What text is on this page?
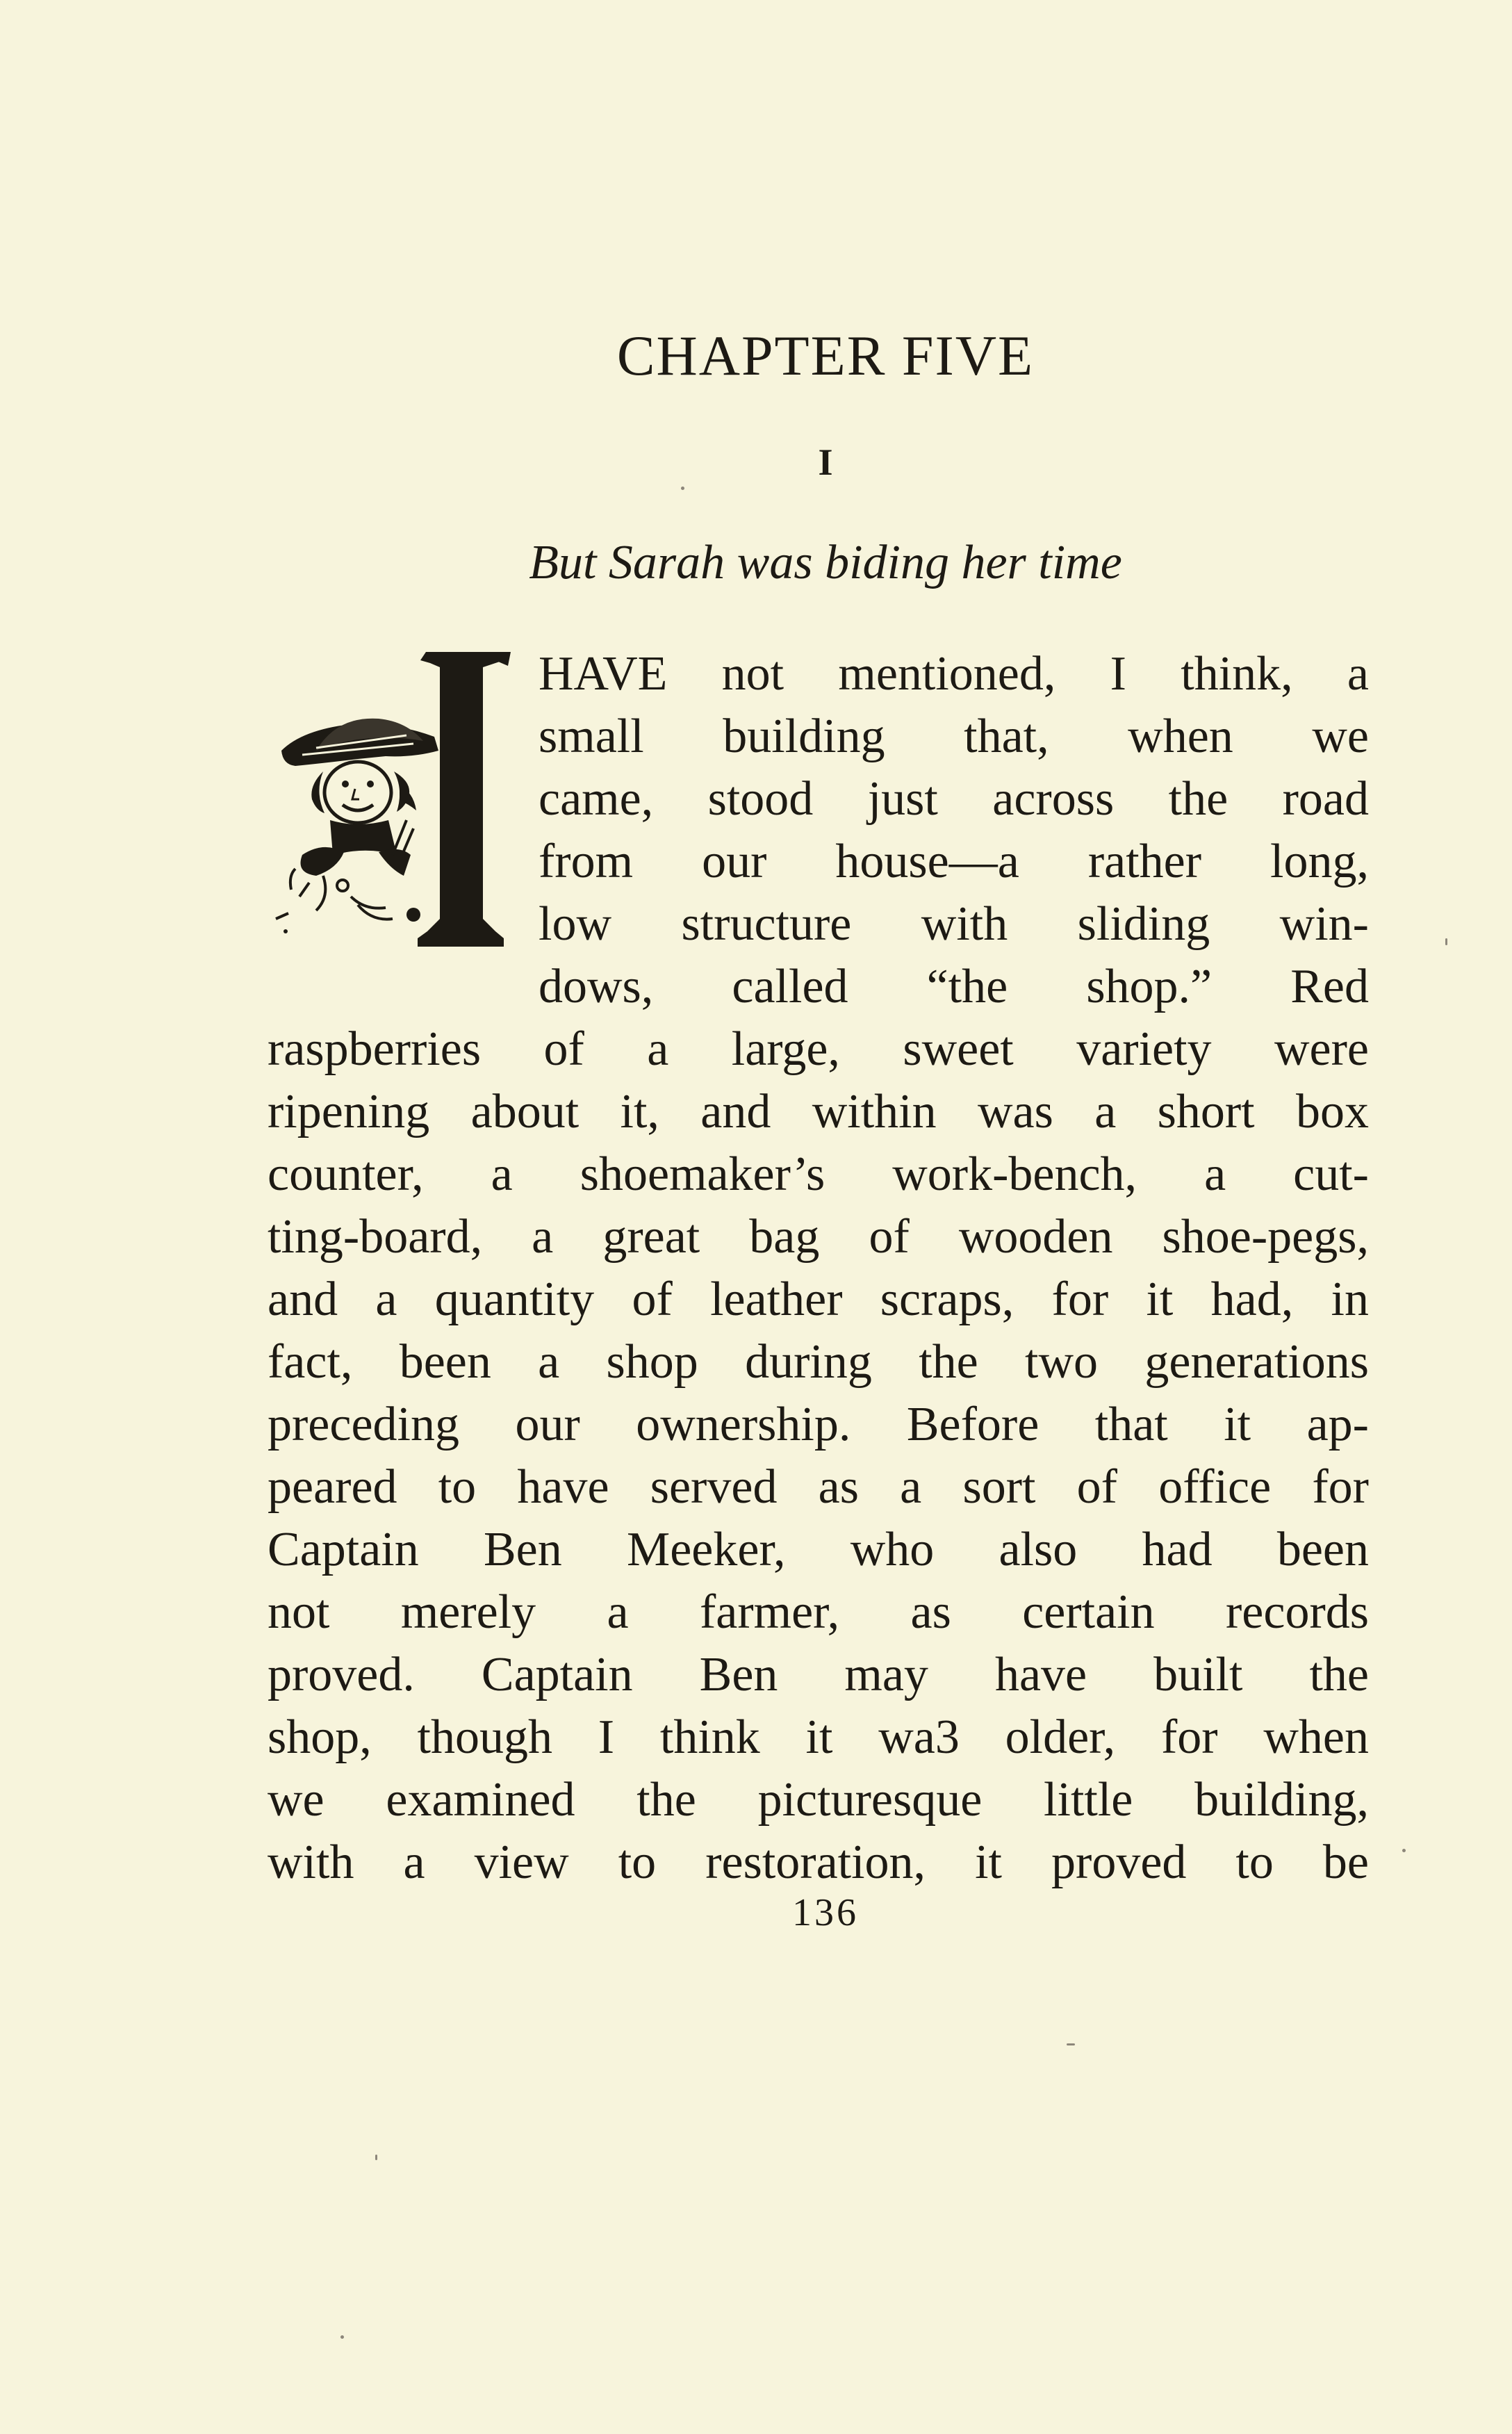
CHAPTER FIVE
I
But Sarah was biding her time
HAVE not mentioned, I think, a
small building that, when we
came, stood just across the road
from our house—a rather long,
low structure with sliding win-
dows, called “the shop.” Red
raspberries of a large, sweet variety were
ripening about it, and within was a short box
counter, a shoemaker’s work-bench, a cut-
ting-board, a great bag of wooden shoe-pegs,
and a quantity of leather scraps, for it had, in
fact, been a shop during the two generations
preceding our ownership. Before that it ap-
peared to have served as a sort of office for
Captain Ben Meeker, who also had been
not merely a farmer, as certain records
proved. Captain Ben may have built the
shop, though I think it wa3 older, for when
we examined the picturesque little building,
with a view to restoration, it proved to be
136
